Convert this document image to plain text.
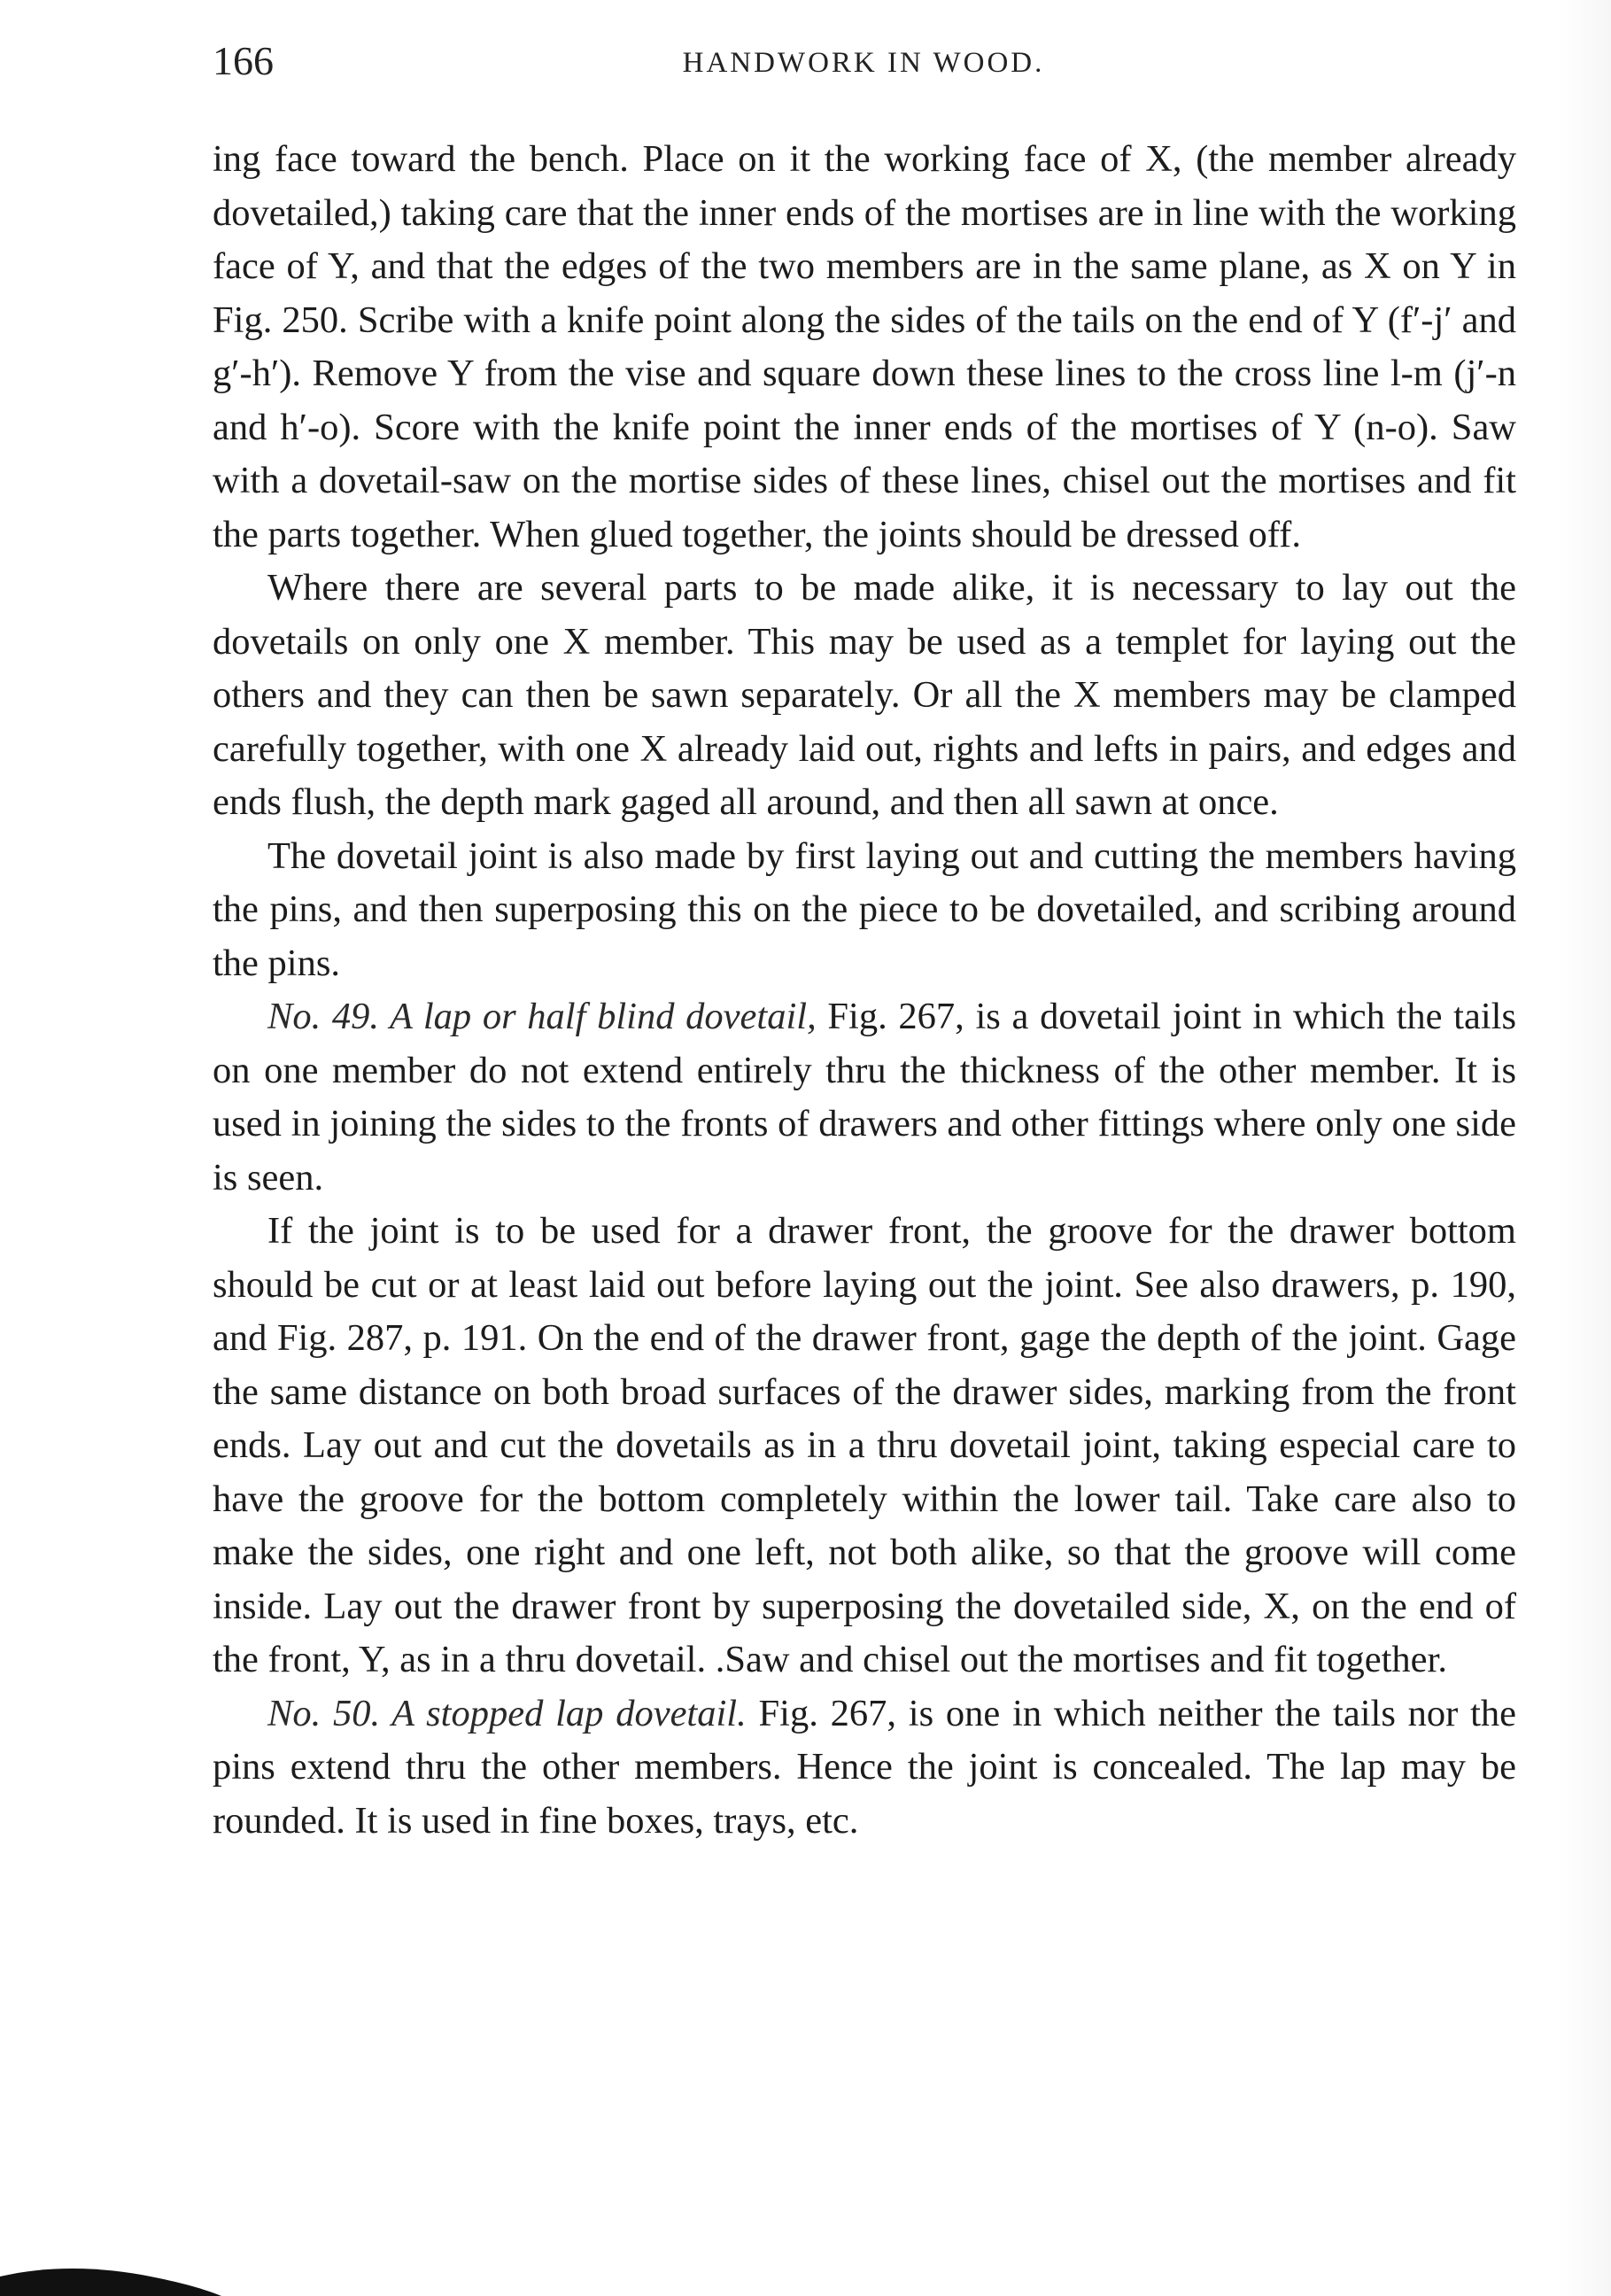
166	HANDWORK IN WOOD.

ing face toward the bench. Place on it the working face of X, (the member already dovetailed,) taking care that the inner ends of the mortises are in line with the working face of Y, and that the edges of the two members are in the same plane, as X on Y in Fig. 250. Scribe with a knife point along the sides of the tails on the end of Y (f′-j′ and g′-h′). Remove Y from the vise and square down these lines to the cross line l-m (j′-n and h′-o). Score with the knife point the inner ends of the mortises of Y (n-o). Saw with a dovetail-saw on the mortise sides of these lines, chisel out the mortises and fit the parts together. When glued together, the joints should be dressed off.

Where there are several parts to be made alike, it is necessary to lay out the dovetails on only one X member. This may be used as a templet for laying out the others and they can then be sawn separately. Or all the X members may be clamped carefully together, with one X already laid out, rights and lefts in pairs, and edges and ends flush, the depth mark gaged all around, and then all sawn at once.

The dovetail joint is also made by first laying out and cutting the members having the pins, and then superposing this on the piece to be dovetailed, and scribing around the pins.

No. 49. A lap or half blind dovetail, Fig. 267, is a dovetail joint in which the tails on one member do not extend entirely thru the thickness of the other member. It is used in joining the sides to the fronts of drawers and other fittings where only one side is seen.

If the joint is to be used for a drawer front, the groove for the drawer bottom should be cut or at least laid out before laying out the joint. See also drawers, p. 190, and Fig. 287, p. 191. On the end of the drawer front, gage the depth of the joint. Gage the same distance on both broad surfaces of the drawer sides, marking from the front ends. Lay out and cut the dovetails as in a thru dovetail joint, taking especial care to have the groove for the bottom completely within the lower tail. Take care also to make the sides, one right and one left, not both alike, so that the groove will come inside. Lay out the drawer front by superposing the dovetailed side, X, on the end of the front, Y, as in a thru dovetail. .Saw and chisel out the mortises and fit together.

No. 50. A stopped lap dovetail. Fig. 267, is one in which neither the tails nor the pins extend thru the other members. Hence the joint is concealed. The lap may be rounded. It is used in fine boxes, trays, etc.
